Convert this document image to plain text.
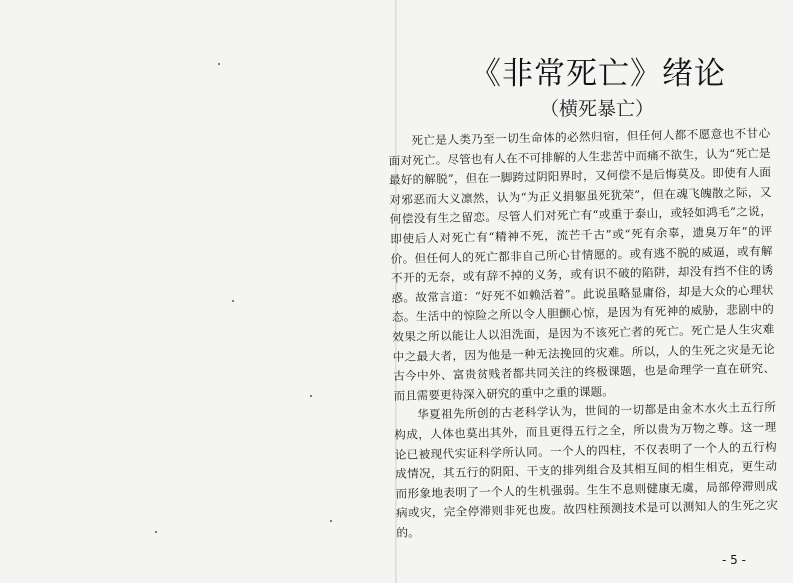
《非常死亡》绪论
（横死暴亡）

死亡是人类乃至一切生命体的必然归宿，但任何人都不愿意也不甘心面对死亡。尽管也有人在不可排解的人生悲苦中而痛不欲生，认为“死亡是最好的解脱”，但在一脚跨过阴阳界时，又何偿不是后悔莫及。即使有人面对邪恶而大义凛然，认为“为正义捐躯虽死犹荣”，但在魂飞魄散之际，又何偿没有生之留恋。尽管人们对死亡有“或重于泰山，或轻如鸿毛”之说，即使后人对死亡有“精神不死，流芒千古”或“死有余辜，遗臭万年”的评价。但任何人的死亡都非自己所心甘情愿的。或有逃不脱的威逼，或有解不开的无奈，或有辞不掉的义务，或有识不破的陷阱，却没有挡不住的诱惑。故常言道：“好死不如赖活着”。此说虽略显庸俗，却是大众的心理状态。生活中的惊险之所以令人胆颤心惊，是因为有死神的威胁，悲剧中的效果之所以能让人以泪洗面，是因为不该死亡者的死亡。死亡是人生灾难中之最大者，因为他是一种无法挽回的灾难。所以，人的生死之灾是无论古今中外、富贵贫贱者都共同关注的终极课题，也是命理学一直在研究、而且需要更待深入研究的重中之重的课题。

华夏祖先所创的古老科学认为，世间的一切都是由金木水火土五行所构成，人体也莫出其外，而且更得五行之全，所以贵为万物之尊。这一理论已被现代实证科学所认同。一个人的四柱，不仅表明了一个人的五行构成情况，其五行的阴阳、干支的排列组合及其相互间的相生相克，更生动而形象地表明了一个人的生机强弱。生生不息则健康无虞，局部停滞则成病或灾，完全停滞则非死也废。故四柱预测技术是可以测知人的生死之灾的。

- 5 -
